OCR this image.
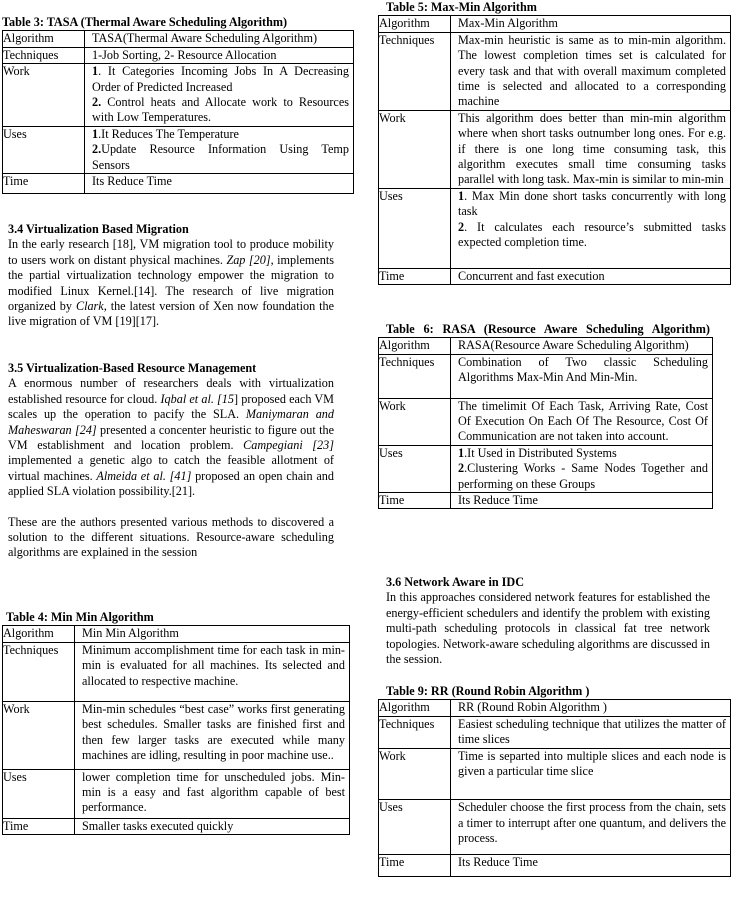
Table 3: TASA (Thermal Aware Scheduling Algorithm)

Algorithm	TASA(Thermal Aware Scheduling Algorithm)
Techniques	1-Job Sorting, 2- Resource Allocation
Work	1. It Categories Incoming Jobs In A Decreasing Order of Predicted Increased
2. Control heats and Allocate work to Resources with Low Temperatures.

Uses	1.It Reduces The Temperature
2.Update Resource Information Using Temp Sensors

Time	Its Reduce Time

3.4 Virtualization Based Migration

In the early research [18], VM migration tool to produce mobility to users work on distant physical machines. Zap [20], implements the partial virtualization technology empower the migration to modified Linux Kernel.[14]. The research of live migration organized by Clark, the latest version of Xen now foundation the live migration of VM [19][17].

3.5 Virtualization-Based Resource Management

A enormous number of researchers deals with virtualization established resource for cloud. Iqbal et al. [15] proposed each VM scales up the operation to pacify the SLA. Maniymaran and Maheswaran [24] presented a concenter heuristic to figure out the VM establishment and location problem. Campegiani [23] implemented a genetic algo to catch the feasible allotment of virtual machines. Almeida et al. [41] proposed an open chain and applied SLA violation possibility.[21].

These are the authors presented various methods to discovered a solution to the different situations. Resource-aware scheduling algorithms are explained in the session

Table 4: Min Min Algorithm

Algorithm	Min Min Algorithm
Techniques	Minimum accomplishment time for each task in min-min is evaluated for all machines. Its selected and allocated to respective machine.
Work	Min-min schedules “best case” works first generating best schedules. Smaller tasks are finished first and then few larger tasks are executed while many machines are idling, resulting in poor machine use..
Uses	lower completion time for unscheduled jobs. Min-min is a easy and fast algorithm capable of best performance.
Time	Smaller tasks executed quickly

Table 5: Max-Min Algorithm

Algorithm	Max-Min Algorithm
Techniques	Max-min heuristic is same as to min-min algorithm. The lowest completion times set is calculated for every task and that with overall maximum completed time is selected and allocated to a corresponding machine
Work	This algorithm does better than min-min algorithm where when short tasks outnumber long ones. For e.g. if there is one long time consuming task, this algorithm executes small time consuming tasks parallel with long task. Max-min is similar to min-min
Uses	1. Max Min done short tasks concurrently with long task
2. It calculates each resource’s submitted tasks expected completion time.

Time	Concurrent and fast execution

Table 6: RASA (Resource Aware Scheduling Algorithm)

Algorithm	RASA(Resource Aware Scheduling Algorithm)
Techniques	Combination of Two classic Scheduling Algorithms Max-Min And Min-Min.
Work	The timelimit Of Each Task, Arriving Rate, Cost Of Execution On Each Of The Resource, Cost Of Communication are not taken into account.
Uses	1.It Used in Distributed Systems
2.Clustering Works - Same Nodes Together and performing on these Groups

Time	Its Reduce Time

3.6 Network Aware in IDC

In this approaches considered network features for established the energy-efficient schedulers and identify the problem with existing multi-path scheduling protocols in classical fat tree network topologies. Network-aware scheduling algorithms are discussed in the session.

Table 9: RR (Round Robin Algorithm )

Algorithm	RR (Round Robin Algorithm )
Techniques	Easiest scheduling technique that utilizes the matter of time slices
Work	Time is separted into multiple slices and each node is given a particular time slice
Uses	Scheduler choose the first process from the chain, sets a timer to interrupt after one quantum, and delivers the process.
Time	Its Reduce Time
